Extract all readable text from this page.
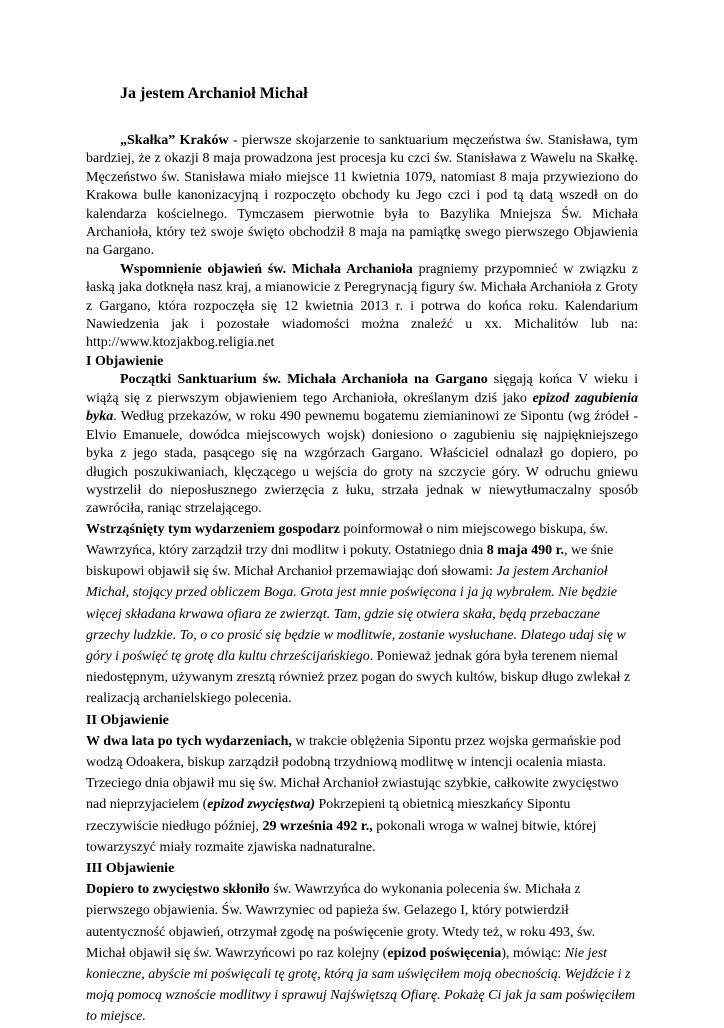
Ja jestem Archanioł Michał

„Skałka” Kraków - pierwsze skojarzenie to sanktuarium męczeństwa św. Stanisława, tym bardziej, że z okazji 8 maja prowadzona jest procesja ku czci św. Stanisława z Wawelu na Skałkę. Męczeństwo św. Stanisława miało miejsce 11 kwietnia 1079, natomiast 8 maja przywieziono do Krakowa bulle kanonizacyjną i rozpoczęto obchody ku Jego czci i pod tą datą wszedł on do kalendarza kościelnego. Tymczasem pierwotnie była to Bazylika Mniejsza Św. Michała Archanioła, który też swoje święto obchodził 8 maja na pamiątkę swego pierwszego Objawienia na Gargano.

Wspomnienie objawień św. Michała Archanioła pragniemy przypomnieć w związku z łaską jaka dotknęła nasz kraj, a mianowicie z Peregrynacją figury św. Michała Archanioła z Groty z Gargano, która rozpoczęła się 12 kwietnia 2013 r. i potrwa do końca roku. Kalendarium Nawiedzenia jak i pozostałe wiadomości można znaleźć u xx. Michalitów lub na: http://www.ktozjakbog.religia.net

I Objawienie

Początki Sanktuarium św. Michała Archanioła na Gargano sięgają końca V wieku i wiążą się z pierwszym objawieniem tego Archanioła, określanym dziś jako epizod zagubienia byka. Według przekazów, w roku 490 pewnemu bogatemu ziemianinowi ze Sipontu (wg źródeł - Elvio Emanuele, dowódca miejscowych wojsk) doniesiono o zagubieniu się najpiękniejszego byka z jego stada, pasącego się na wzgórzach Gargano. Właściciel odnalazł go dopiero, po długich poszukiwaniach, klęczącego u wejścia do groty na szczycie góry. W odruchu gniewu wystrzelił do nieposłusznego zwierzęcia z łuku, strzała jednak w niewytłumaczalny sposób zawróciła, raniąc strzelającego.

Wstrząśnięty tym wydarzeniem gospodarz poinformował o nim miejscowego biskupa, św. Wawrzyńca, który zarządził trzy dni modlitw i pokuty. Ostatniego dnia 8 maja 490 r., we śnie biskupowi objawił się św. Michał Archanioł przemawiając doń słowami: Ja jestem Archanioł Michał, stojący przed obliczem Boga. Grota jest mnie poświęcona i ja ją wybrałem. Nie będzie więcej składana krwawa ofiara ze zwierząt. Tam, gdzie się otwiera skała, będą przebaczane grzechy ludzkie. To, o co prosić się będzie w modlitwie, zostanie wysłuchane. Dlatego udaj się w góry i poświęć tę grotę dla kultu chrześcijańskiego. Ponieważ jednak góra była terenem niemal niedostępnym, używanym zresztą również przez pogan do swych kultów, biskup długo zwlekał z realizacją archanielskiego polecenia.

II Objawienie

W dwa lata po tych wydarzeniach, w trakcie oblężenia Sipontu przez wojska germańskie pod wodzą Odoakera, biskup zarządził podobną trzydniową modlitwę w intencji ocalenia miasta. Trzeciego dnia objawił mu się św. Michał Archanioł zwiastując szybkie, całkowite zwycięstwo nad nieprzyjacielem (epizod zwycięstwa) Pokrzepieni tą obietnicą mieszkańcy Sipontu rzeczywiście niedługo później, 29 września 492 r., pokonali wroga w walnej bitwie, której towarzyszyć miały rozmaite zjawiska nadnaturalne.

III Objawienie

Dopiero to zwycięstwo skłoniło św. Wawrzyńca do wykonania polecenia św. Michała z pierwszego objawienia. Św. Wawrzyniec od papieża św. Gelazego I, który potwierdził autentyczność objawień, otrzymał zgodę na poświęcenie groty. Wtedy też, w roku 493, św. Michał objawił się św. Wawrzyńcowi po raz kolejny (epizod poświęcenia), mówiąc: Nie jest konieczne, abyście mi poświęcali tę grotę, którą ja sam uświęciłem moją obecnością. Wejdźcie i z moją pomocą wznoście modlitwy i sprawuj Najświętszą Ofiarę. Pokażę Ci jak ja sam poświęciłem to miejsce.
